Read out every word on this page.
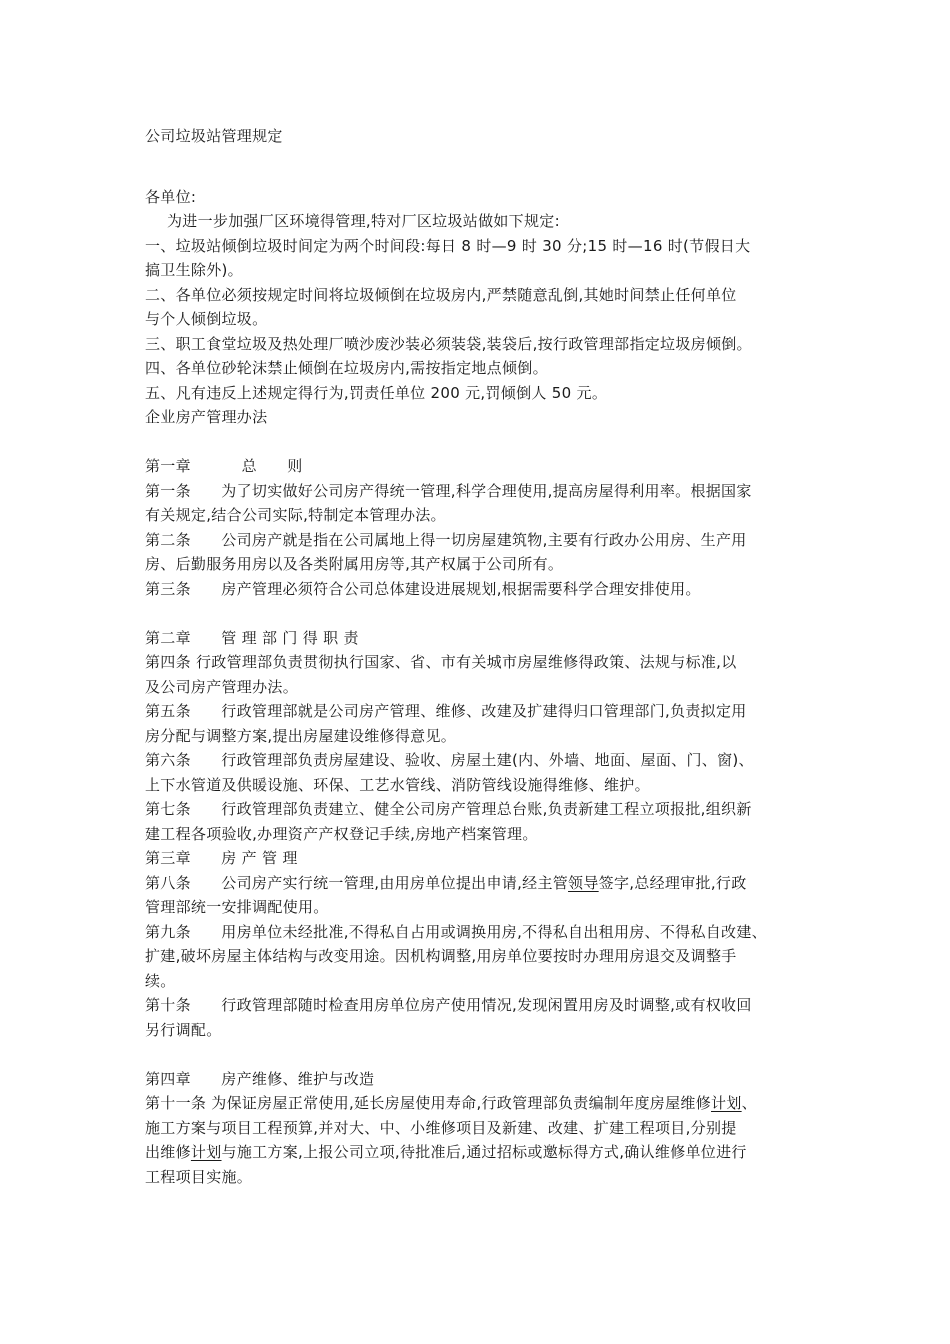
公司垃圾站管理规定

各单位:

为进一步加强厂区环境得管理,特对厂区垃圾站做如下规定:

一、垃圾站倾倒垃圾时间定为两个时间段:每日 8 时—9 时 30 分;15 时—16 时(节假日大

搞卫生除外)。

二、各单位必须按规定时间将垃圾倾倒在垃圾房内,严禁随意乱倒,其她时间禁止任何单位

与个人倾倒垃圾。

三、职工食堂垃圾及热处理厂喷沙废沙装必须装袋,装袋后,按行政管理部指定垃圾房倾倒。

四、各单位砂轮沫禁止倾倒在垃圾房内,需按指定地点倾倒。

五、凡有违反上述规定得行为,罚责任单位 200 元,罚倾倒人 50 元。

企业房产管理办法

第一章          总      则

第一条      为了切实做好公司房产得统一管理,科学合理使用,提高房屋得利用率。根据国家

有关规定,结合公司实际,特制定本管理办法。

第二条      公司房产就是指在公司属地上得一切房屋建筑物,主要有行政办公用房、生产用

房、后勤服务用房以及各类附属用房等,其产权属于公司所有。

第三条      房产管理必须符合公司总体建设进展规划,根据需要科学合理安排使用。

第二章      管 理 部 门 得 职 责

第四条 行政管理部负责贯彻执行国家、省、市有关城市房屋维修得政策、法规与标准,以

及公司房产管理办法。

第五条      行政管理部就是公司房产管理、维修、改建及扩建得归口管理部门,负责拟定用

房分配与调整方案,提出房屋建设维修得意见。

第六条      行政管理部负责房屋建设、验收、房屋土建(内、外墙、地面、屋面、门、窗)、

上下水管道及供暖设施、环保、工艺水管线、消防管线设施得维修、维护。

第七条      行政管理部负责建立、健全公司房产管理总台账,负责新建工程立项报批,组织新

建工程各项验收,办理资产产权登记手续,房地产档案管理。

第三章      房 产 管 理

第八条      公司房产实行统一管理,由用房单位提出申请,经主管领导签字,总经理审批,行政

管理部统一安排调配使用。

第九条      用房单位未经批准,不得私自占用或调换用房,不得私自出租用房、不得私自改建、

扩建,破坏房屋主体结构与改变用途。因机构调整,用房单位要按时办理用房退交及调整手

续。

第十条      行政管理部随时检查用房单位房产使用情况,发现闲置用房及时调整,或有权收回

另行调配。

第四章      房产维修、维护与改造

第十一条 为保证房屋正常使用,延长房屋使用寿命,行政管理部负责编制年度房屋维修计划、

施工方案与项目工程预算,并对大、中、小维修项目及新建、改建、扩建工程项目,分别提

出维修计划与施工方案,上报公司立项,待批准后,通过招标或邀标得方式,确认维修单位进行

工程项目实施。
